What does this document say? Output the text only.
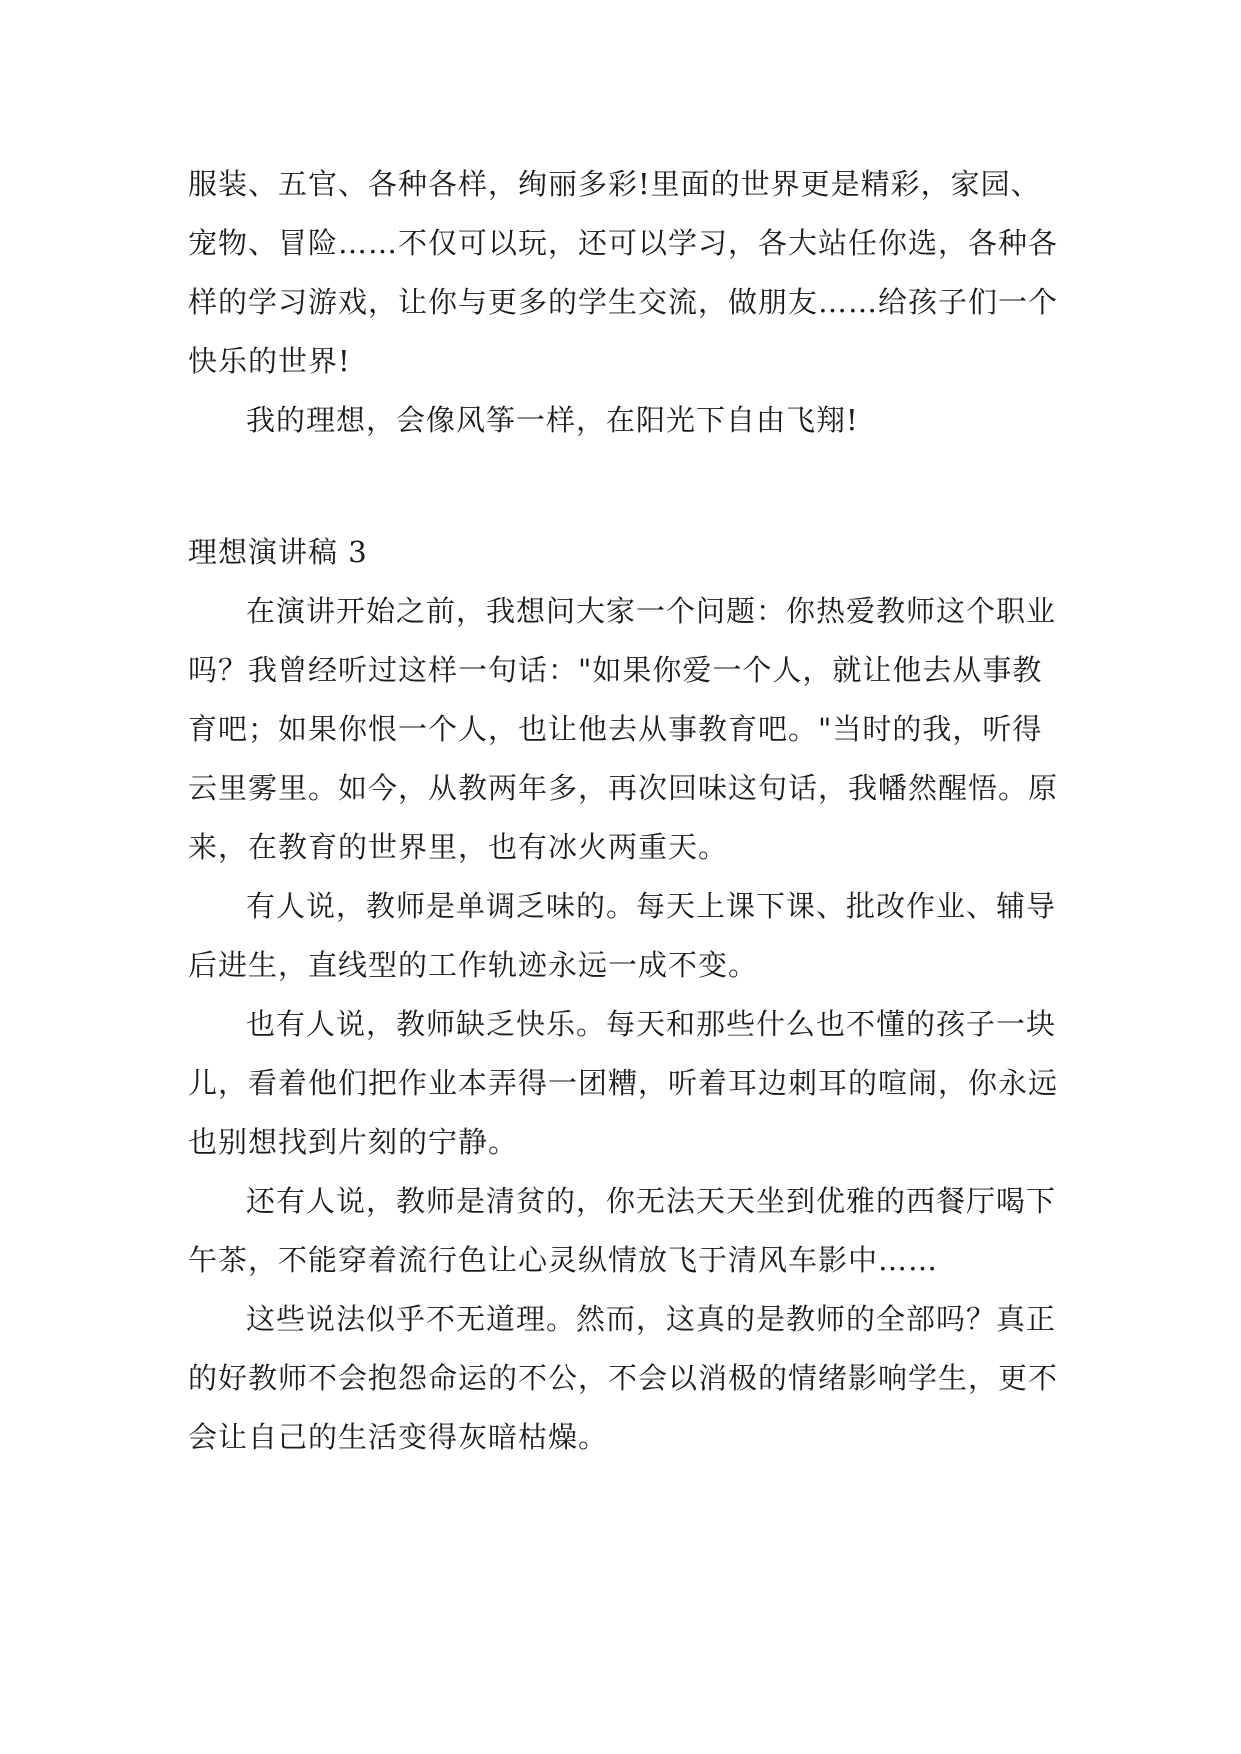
服装、五官、各种各样，绚丽多彩!里面的世界更是精彩，家园、宠物、冒险……不仅可以玩，还可以学习，各大站任你选，各种各样的学习游戏，让你与更多的学生交流，做朋友……给孩子们一个快乐的世界!

我的理想，会像风筝一样，在阳光下自由飞翔!

理想演讲稿 3

在演讲开始之前，我想问大家一个问题：你热爱教师这个职业吗？我曾经听过这样一句话："如果你爱一个人，就让他去从事教育吧；如果你恨一个人，也让他去从事教育吧。"当时的我，听得云里雾里。如今，从教两年多，再次回味这句话，我幡然醒悟。原来，在教育的世界里，也有冰火两重天。

有人说，教师是单调乏味的。每天上课下课、批改作业、辅导后进生，直线型的工作轨迹永远一成不变。

也有人说，教师缺乏快乐。每天和那些什么也不懂的孩子一块儿，看着他们把作业本弄得一团糟，听着耳边刺耳的喧闹，你永远也别想找到片刻的宁静。

还有人说，教师是清贫的，你无法天天坐到优雅的西餐厅喝下午茶，不能穿着流行色让心灵纵情放飞于清风车影中……

这些说法似乎不无道理。然而，这真的是教师的全部吗？真正的好教师不会抱怨命运的不公，不会以消极的情绪影响学生，更不会让自己的生活变得灰暗枯燥。
